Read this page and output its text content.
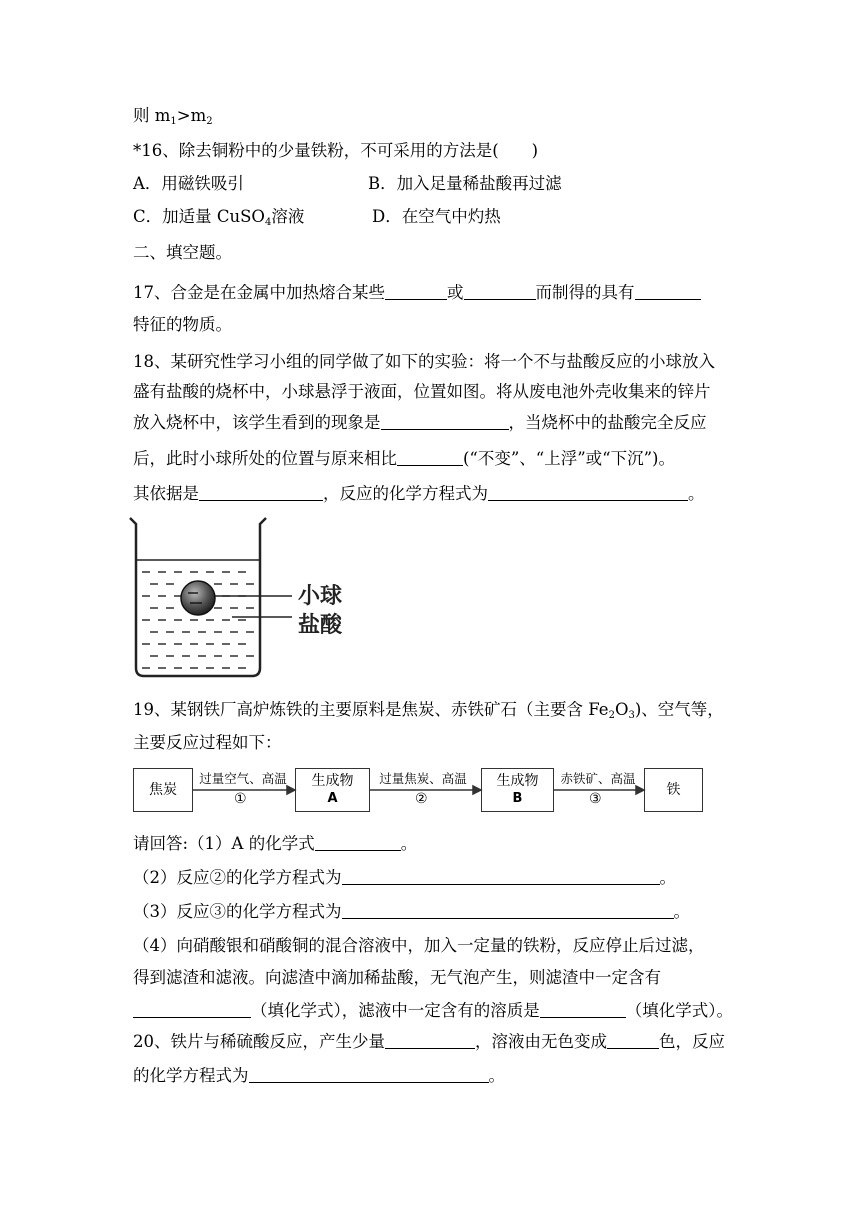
则 $m_1>m_2$
*16、除去铜粉中的少量铁粉，不可采用的方法是(　　)
A．用磁铁吸引	B．加入足量稀盐酸再过滤
C．加适量 CuSO$_4$溶液	D．在空气中灼热
二、填空题。
17、合金是在金属中加热熔合某些	或	而制得的具有
特征的物质。
18、某研究性学习小组的同学做了如下的实验：将一个不与盐酸反应的小球放入
盛有盐酸的烧杯中，小球悬浮于液面，位置如图。将从废电池外壳收集来的锌片
放入烧杯中，该学生看到的现象是	，当烧杯中的盐酸完全反应
后，此时小球所处的位置与原来相比	(“不变”、“上浮”或“下沉”)。
其依据是	，反应的化学方程式为	。
小球
盐酸
19、某钢铁厂高炉炼铁的主要原料是焦炭、赤铁矿石（主要含 $Fe_2O_3$)、空气等，
主要反应过程如下：
焦炭
生成物
A
生成物
B
铁
过量空气、高温
①
过量焦炭、高温
②
赤铁矿、高温
③
请回答:（1）A 的化学式	。
（2）反应②的化学方程式为	。
（3）反应③的化学方程式为	。
（4）向硝酸银和硝酸铜的混合溶液中，加入一定量的铁粉，反应停止后过滤，
得到滤渣和滤液。向滤渣中滴加稀盐酸，无气泡产生，则滤渣中一定含有
（填化学式），滤液中一定含有的溶质是	（填化学式）。
20、铁片与稀硫酸反应，产生少量	，溶液由无色变成	色，反应
的化学方程式为	。
